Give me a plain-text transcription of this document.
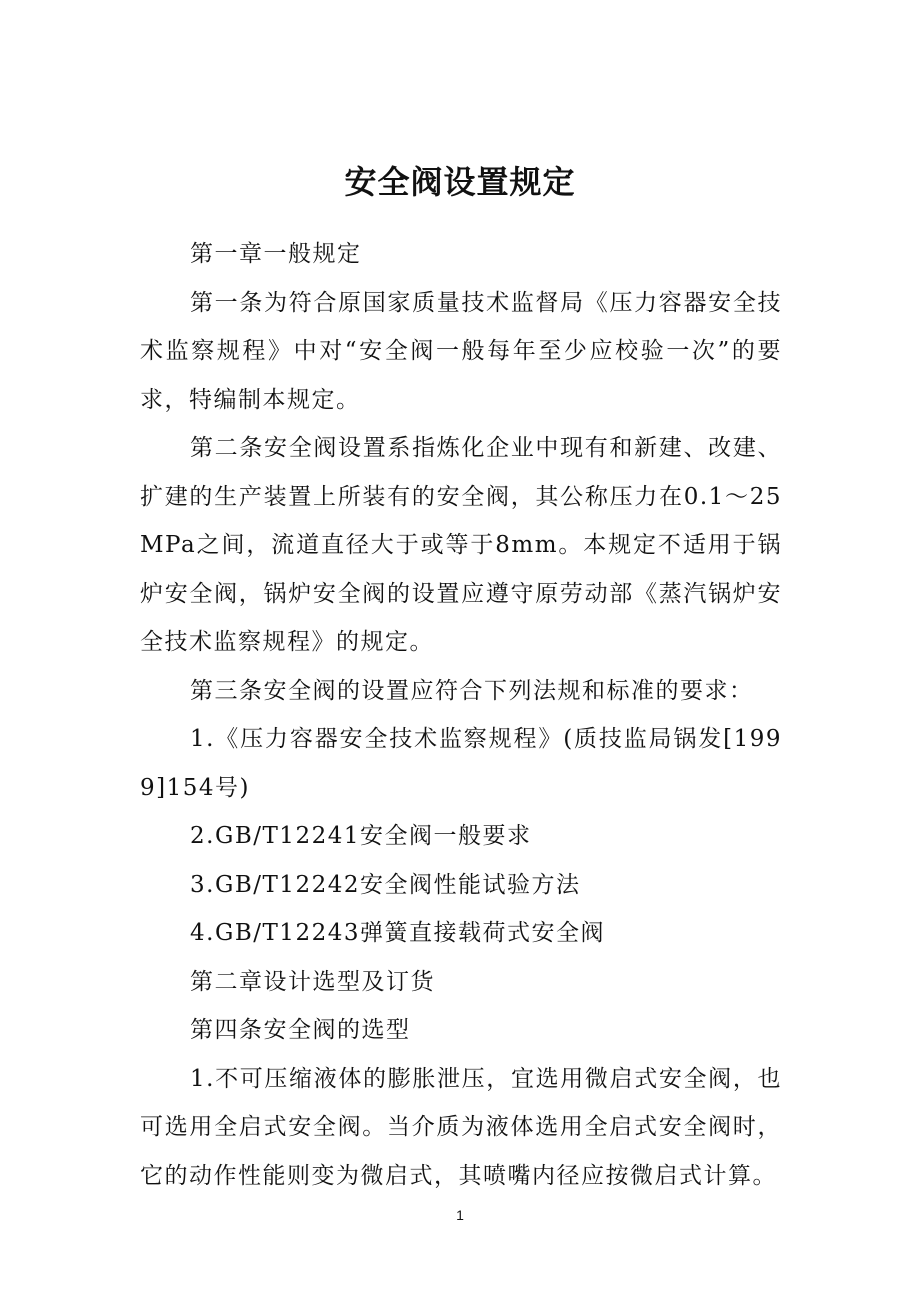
安全阀设置规定

第一章一般规定

第一条为符合原国家质量技术监督局《压力容器安全技术监察规程》中对“安全阀一般每年至少应校验一次”的要求，特编制本规定。

第二条安全阀设置系指炼化企业中现有和新建、改建、扩建的生产装置上所装有的安全阀，其公称压力在0.1～25MPa之间，流道直径大于或等于8mm。本规定不适用于锅炉安全阀，锅炉安全阀的设置应遵守原劳动部《蒸汽锅炉安全技术监察规程》的规定。

第三条安全阀的设置应符合下列法规和标准的要求：

1.《压力容器安全技术监察规程》(质技监局锅发[1999]154号)

2.GB/T12241安全阀一般要求

3.GB/T12242安全阀性能试验方法

4.GB/T12243弹簧直接载荷式安全阀

第二章设计选型及订货

第四条安全阀的选型

1.不可压缩液体的膨胀泄压，宜选用微启式安全阀，也可选用全启式安全阀。当介质为液体选用全启式安全阀时，它的动作性能则变为微启式，其喷嘴内径应按微启式计算。

1
